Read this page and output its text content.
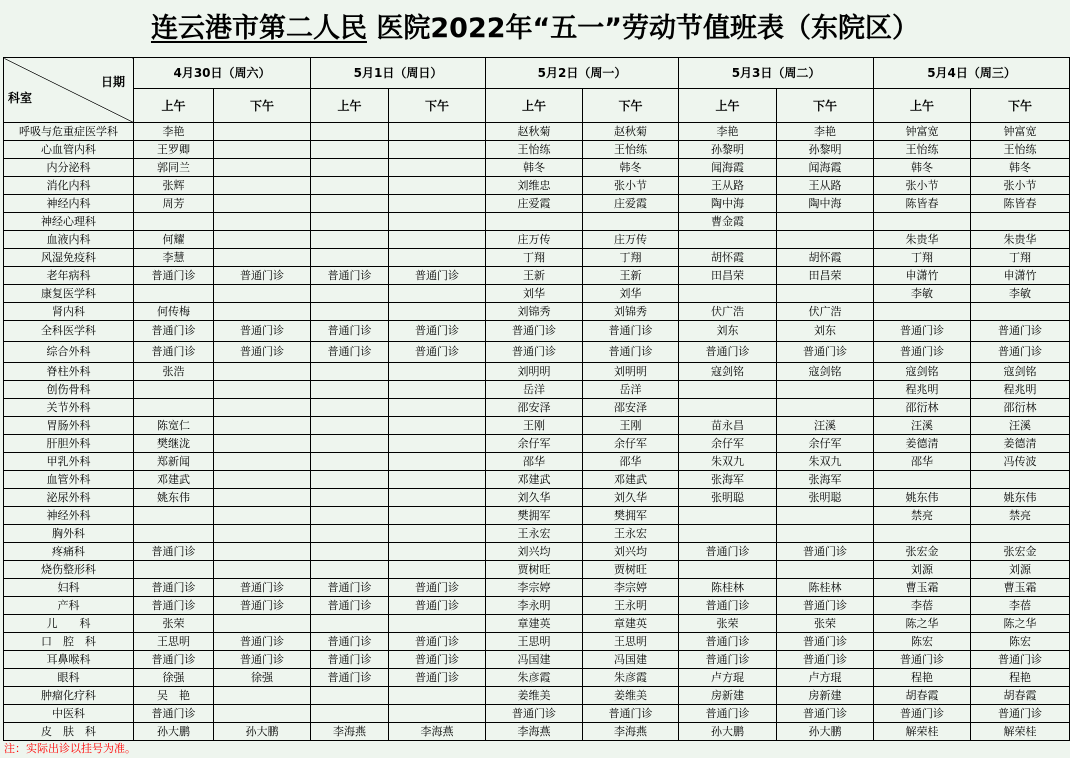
连云港市第二人民 医院2022年“五一”劳动节值班表（东院区）
日期
科室	4月30日（周六）		5月1日（周日）		5月2日（周一）		5月3日（周二）		5月4日（周三）	
	上午	下午	上午	下午	上午	下午	上午	下午	上午	下午
呼吸与危重症医学科	李艳				赵秋菊	赵秋菊	李艳	李艳	钟富宽	钟富宽
心血管内科	王罗卿				王怡练	王怡练	孙黎明	孙黎明	王怡练	王怡练
内分泌科	郭同兰				韩冬	韩冬	闻海霞	闻海霞	韩冬	韩冬
消化内科	张辉				刘维忠	张小节	王从路	王从路	张小节	张小节
神经内科	周芳				庄爱霞	庄爱霞	陶中海	陶中海	陈皆春	陈皆春
神经心理科							曹金霞			
血液内科	何耀				庄万传	庄万传			朱贵华	朱贵华
风湿免疫科	李慧				丁翔	丁翔	胡怀霞	胡怀霞	丁翔	丁翔
老年病科	普通门诊	普通门诊	普通门诊	普通门诊	王新	王新	田昌荣	田昌荣	申潇竹	申潇竹
康复医学科					刘华	刘华			李敏	李敏
肾内科	何传梅				刘锦秀	刘锦秀	伏广浩	伏广浩		
全科医学科	普通门诊	普通门诊	普通门诊	普通门诊	普通门诊	普通门诊	刘东	刘东	普通门诊	普通门诊
综合外科	普通门诊	普通门诊	普通门诊	普通门诊	普通门诊	普通门诊	普通门诊	普通门诊	普通门诊	普通门诊
脊柱外科	张浩				刘明明	刘明明	寇剑铭	寇剑铭	寇剑铭	寇剑铭
创伤骨科					岳洋	岳洋			程兆明	程兆明
关节外科					邵安泽	邵安泽			邵衍林	邵衍林
胃肠外科	陈宽仁				王刚	王刚	苗永昌	汪溪	汪溪	汪溪
肝胆外科	樊继泷				余仔军	余仔军	余仔军	余仔军	姜德清	姜德清
甲乳外科	郑新闻				邵华	邵华	朱双九	朱双九	邵华	冯传波
血管外科	邓建武				邓建武	邓建武	张海军	张海军		
泌尿外科	姚东伟				刘久华	刘久华	张明聪	张明聪	姚东伟	姚东伟
神经外科					樊拥军	樊拥军			禁亮	禁亮
胸外科					王永宏	王永宏				
疼痛科	普通门诊				刘兴均	刘兴均	普通门诊	普通门诊	张宏金	张宏金
烧伤整形科					贾树旺	贾树旺			刘源	刘源
妇科	普通门诊	普通门诊	普通门诊	普通门诊	李宗婷	李宗婷	陈桂林	陈桂林	曹玉霜	曹玉霜
产科	普通门诊	普通门诊	普通门诊	普通门诊	李永明	王永明	普通门诊	普通门诊	李蓓	李蓓
儿　　科	张荣				章建英	章建英	张荣	张荣	陈之华	陈之华
口　腔　科	王思明	普通门诊	普通门诊	普通门诊	王思明	王思明	普通门诊	普通门诊	陈宏	陈宏
耳鼻喉科	普通门诊	普通门诊	普通门诊	普通门诊	冯国建	冯国建	普通门诊	普通门诊	普通门诊	普通门诊
眼科	徐强	徐强	普通门诊	普通门诊	朱彦霞	朱彦霞	卢方琨	卢方琨	程艳	程艳
肿瘤化疗科	吴　艳				姜维美	姜维美	房新建	房新建	胡春霞	胡春霞
中医科	普通门诊				普通门诊	普通门诊	普通门诊	普通门诊	普通门诊	普通门诊
皮　肤　科	孙大鹏	孙大鹏	李海燕	李海燕	李海燕	李海燕	孙大鹏	孙大鹏	解荣桂	解荣桂
注：实际出诊以挂号为准。
